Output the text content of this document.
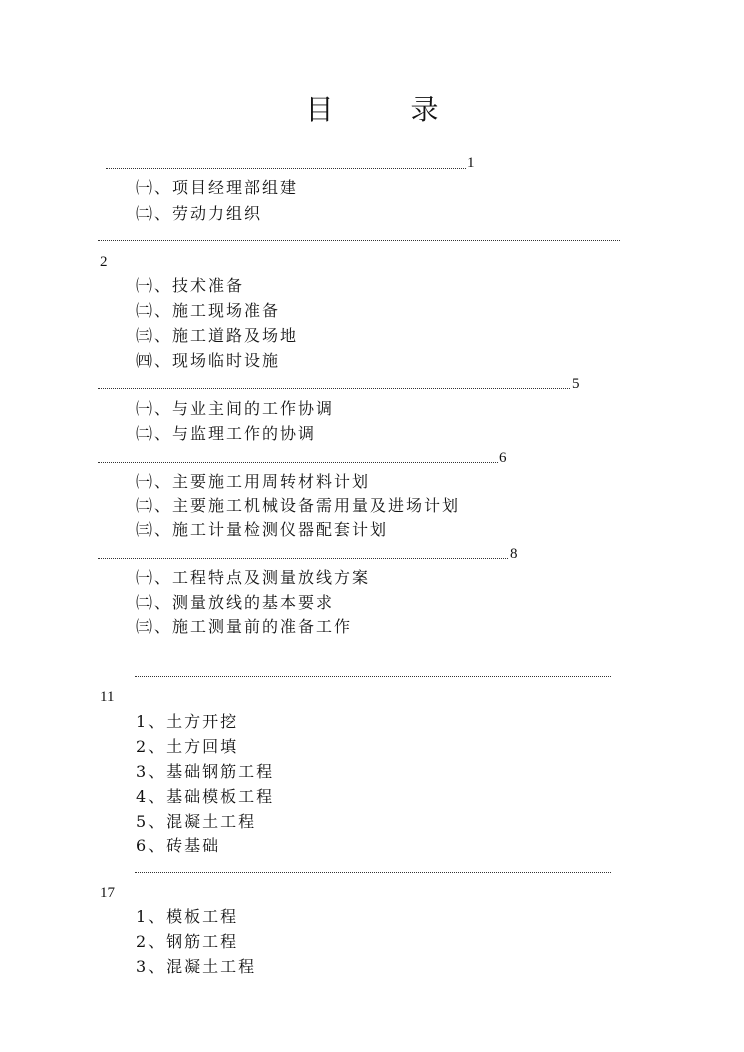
目 录
1
㈠、项目经理部组建
㈡、劳动力组织
2
㈠、技术准备
㈡、施工现场准备
㈢、施工道路及场地
㈣、现场临时设施
5
㈠、与业主间的工作协调
㈡、与监理工作的协调
6
㈠、主要施工用周转材料计划
㈡、主要施工机械设备需用量及进场计划
㈢、施工计量检测仪器配套计划
8
㈠、工程特点及测量放线方案
㈡、测量放线的基本要求
㈢、施工测量前的准备工作
11
1、土方开挖
2、土方回填
3、基础钢筋工程
4、基础模板工程
5、混凝土工程
6、砖基础
17
1、模板工程
2、钢筋工程
3、混凝土工程
